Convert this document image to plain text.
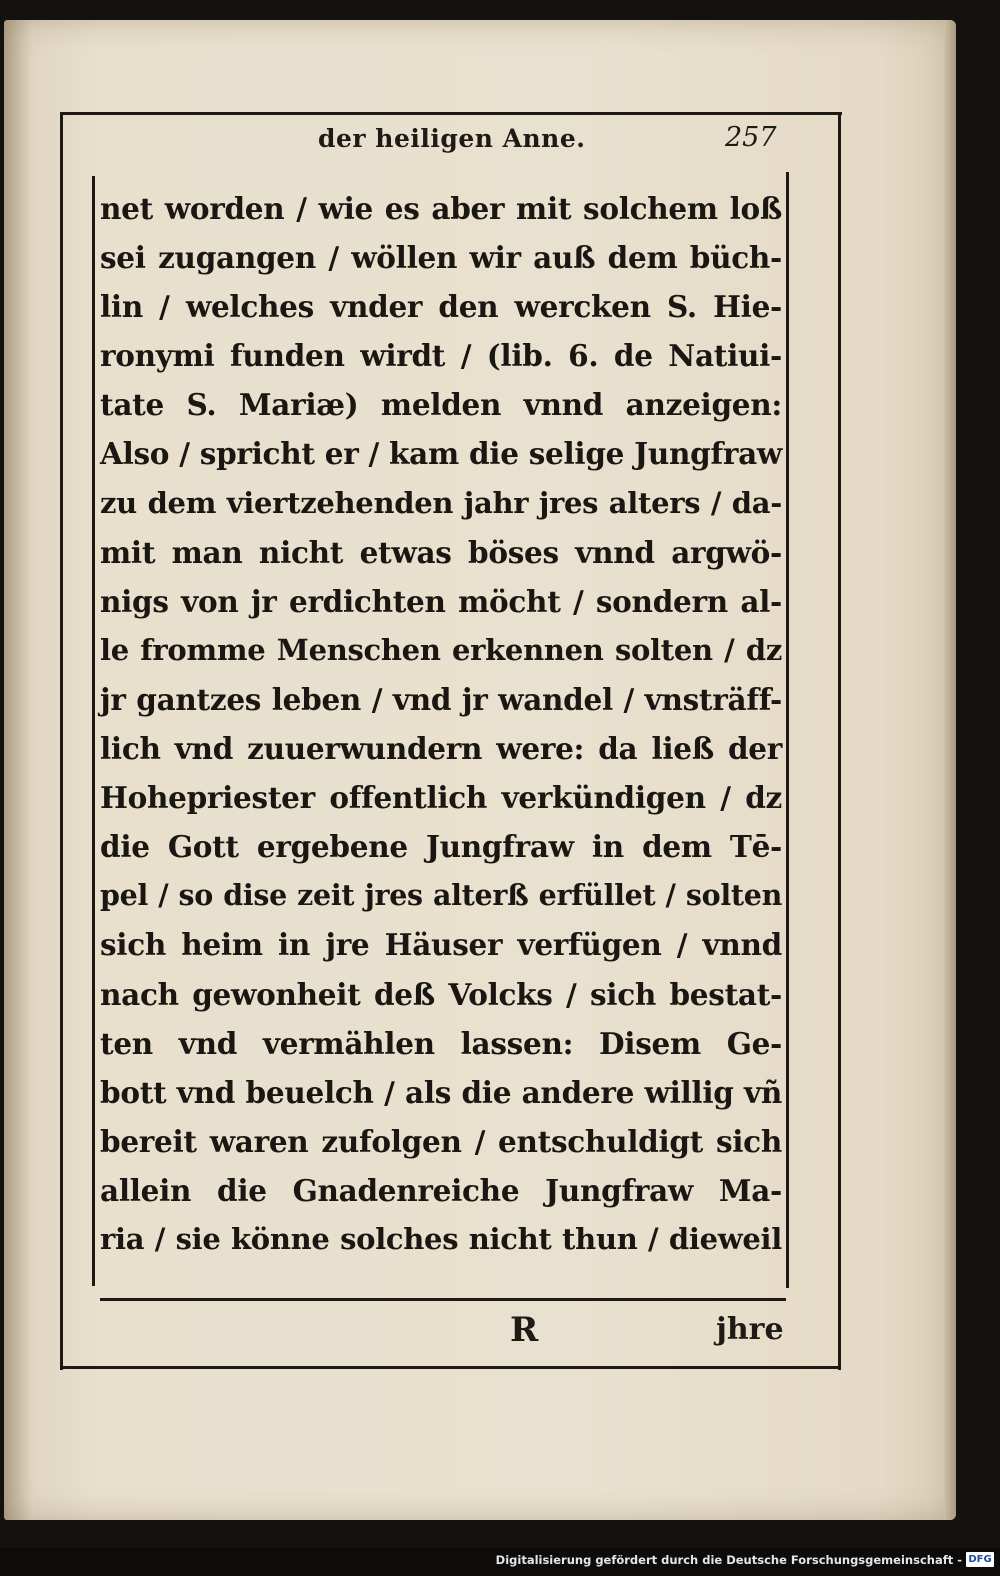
der heiligen Anne.	257
net worden / wie es aber mit solchem loß
sei zugangen / wöllen wir auß dem büch-
lin / welches vnder den wercken S. Hie-
ronymi funden wirdt / (lib. 6. de Natiui-
tate S. Mariæ) melden vnnd anzeigen:
Also / spricht er / kam die selige Jungfraw
zu dem viertzehenden jahr jres alters / da-
mit man nicht etwas böses vnnd argwö-
nigs von jr erdichten möcht / sondern al-
le fromme Menschen erkennen solten / dz
jr gantzes leben / vnd jr wandel / vnsträff-
lich vnd zuuerwundern were: da ließ der
Hohepriester offentlich verkündigen / dz
die Gott ergebene Jungfraw in dem Tē-
pel / so dise zeit jres alterß erfüllet / solten
sich heim in jre Häuser verfügen / vnnd
nach gewonheit deß Volcks / sich bestat-
ten vnd vermählen lassen: Disem Ge-
bott vnd beuelch / als die andere willig vñ
bereit waren zufolgen / entschuldigt sich
allein die Gnadenreiche Jungfraw Ma-
ria / sie könne solches nicht thun / dieweil
R	jhre
Digitalisierung gefördert durch die Deutsche Forschungsgemeinschaft - DFG
